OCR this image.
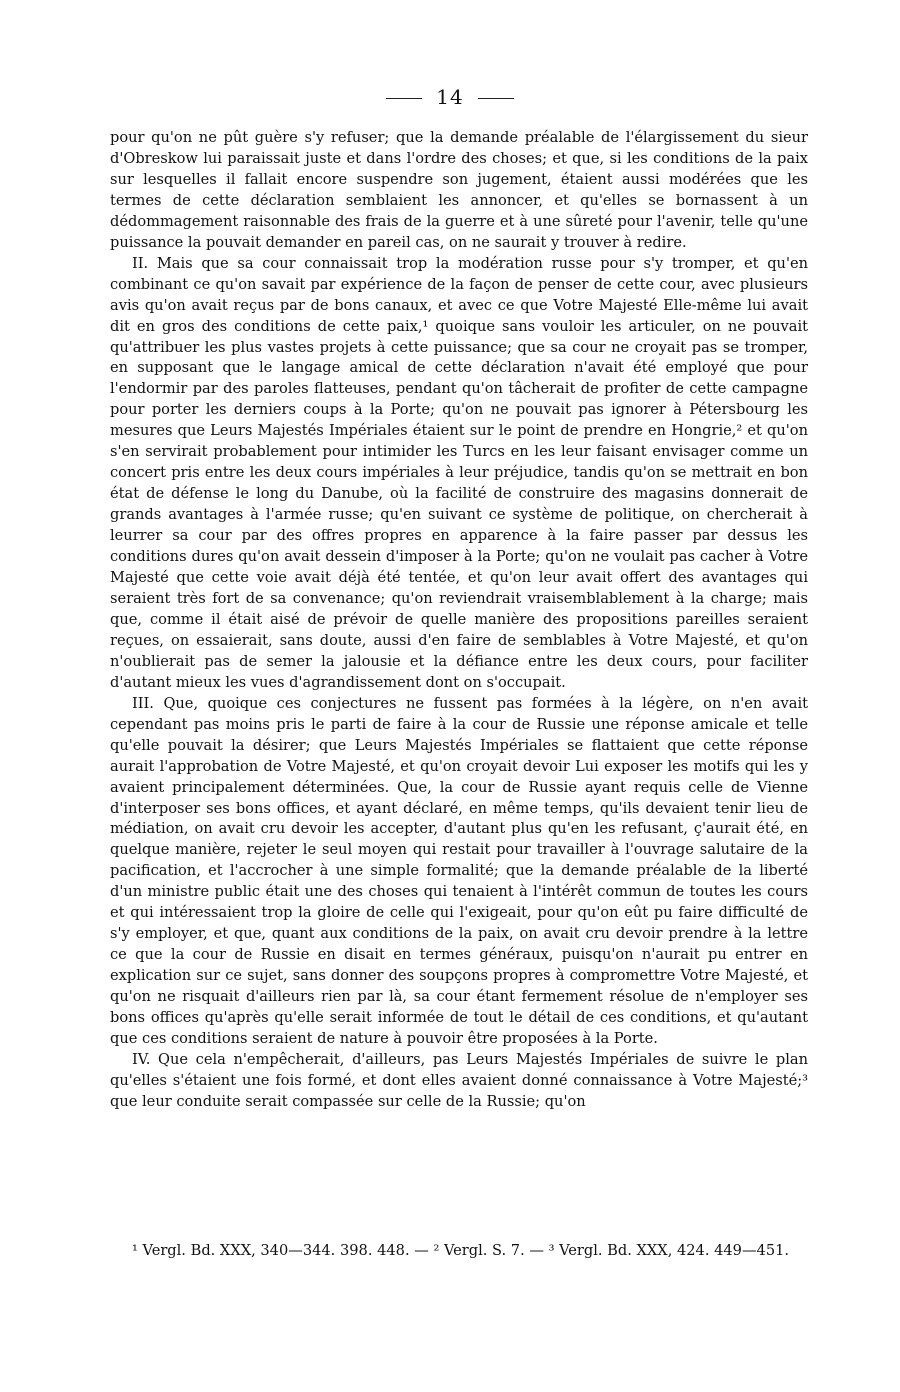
14

pour qu'on ne pût guère s'y refuser; que la demande préalable de l'élargissement du sieur d'Obreskow lui paraissait juste et dans l'ordre des choses; et que, si les conditions de la paix sur lesquelles il fallait encore suspendre son jugement, étaient aussi modérées que les termes de cette déclaration semblaient les annoncer, et qu'elles se bornassent à un dédommagement raisonnable des frais de la guerre et à une sûreté pour l'avenir, telle qu'une puissance la pouvait demander en pareil cas, on ne saurait y trouver à redire.

II. Mais que sa cour connaissait trop la modération russe pour s'y tromper, et qu'en combinant ce qu'on savait par expérience de la façon de penser de cette cour, avec plusieurs avis qu'on avait reçus par de bons canaux, et avec ce que Votre Majesté Elle-même lui avait dit en gros des conditions de cette paix,¹ quoique sans vouloir les articuler, on ne pouvait qu'attribuer les plus vastes projets à cette puissance; que sa cour ne croyait pas se tromper, en supposant que le langage amical de cette déclaration n'avait été employé que pour l'endormir par des paroles flatteuses, pendant qu'on tâcherait de profiter de cette campagne pour porter les derniers coups à la Porte; qu'on ne pouvait pas ignorer à Pétersbourg les mesures que Leurs Majestés Impériales étaient sur le point de prendre en Hongrie,² et qu'on s'en servirait probablement pour intimider les Turcs en les leur faisant envisager comme un concert pris entre les deux cours impériales à leur préjudice, tandis qu'on se mettrait en bon état de défense le long du Danube, où la facilité de construire des magasins donnerait de grands avantages à l'armée russe; qu'en suivant ce système de politique, on chercherait à leurrer sa cour par des offres propres en apparence à la faire passer par dessus les conditions dures qu'on avait dessein d'imposer à la Porte; qu'on ne voulait pas cacher à Votre Majesté que cette voie avait déjà été tentée, et qu'on leur avait offert des avantages qui seraient très fort de sa convenance; qu'on reviendrait vraisemblablement à la charge; mais que, comme il était aisé de prévoir de quelle manière des propositions pareilles seraient reçues, on essaierait, sans doute, aussi d'en faire de semblables à Votre Majesté, et qu'on n'oublierait pas de semer la jalousie et la défiance entre les deux cours, pour faciliter d'autant mieux les vues d'agrandissement dont on s'occupait.

III. Que, quoique ces conjectures ne fussent pas formées à la légère, on n'en avait cependant pas moins pris le parti de faire à la cour de Russie une réponse amicale et telle qu'elle pouvait la désirer; que Leurs Majestés Impériales se flattaient que cette réponse aurait l'approbation de Votre Majesté, et qu'on croyait devoir Lui exposer les motifs qui les y avaient principalement déterminées. Que, la cour de Russie ayant requis celle de Vienne d'interposer ses bons offices, et ayant déclaré, en même temps, qu'ils devaient tenir lieu de médiation, on avait cru devoir les accepter, d'autant plus qu'en les refusant, ç'aurait été, en quelque manière, rejeter le seul moyen qui restait pour travailler à l'ouvrage salutaire de la pacification, et l'accrocher à une simple formalité; que la demande préalable de la liberté d'un ministre public était une des choses qui tenaient à l'intérêt commun de toutes les cours et qui intéressaient trop la gloire de celle qui l'exigeait, pour qu'on eût pu faire difficulté de s'y employer, et que, quant aux conditions de la paix, on avait cru devoir prendre à la lettre ce que la cour de Russie en disait en termes généraux, puisqu'on n'aurait pu entrer en explication sur ce sujet, sans donner des soupçons propres à compromettre Votre Majesté, et qu'on ne risquait d'ailleurs rien par là, sa cour étant fermement résolue de n'employer ses bons offices qu'après qu'elle serait informée de tout le détail de ces conditions, et qu'autant que ces conditions seraient de nature à pouvoir être proposées à la Porte.

IV. Que cela n'empêcherait, d'ailleurs, pas Leurs Majestés Impériales de suivre le plan qu'elles s'étaient une fois formé, et dont elles avaient donné connaissance à Votre Majesté;³ que leur conduite serait compassée sur celle de la Russie; qu'on

¹ Vergl. Bd. XXX, 340—344. 398. 448. — ² Vergl. S. 7. — ³ Vergl. Bd. XXX, 424. 449—451.
